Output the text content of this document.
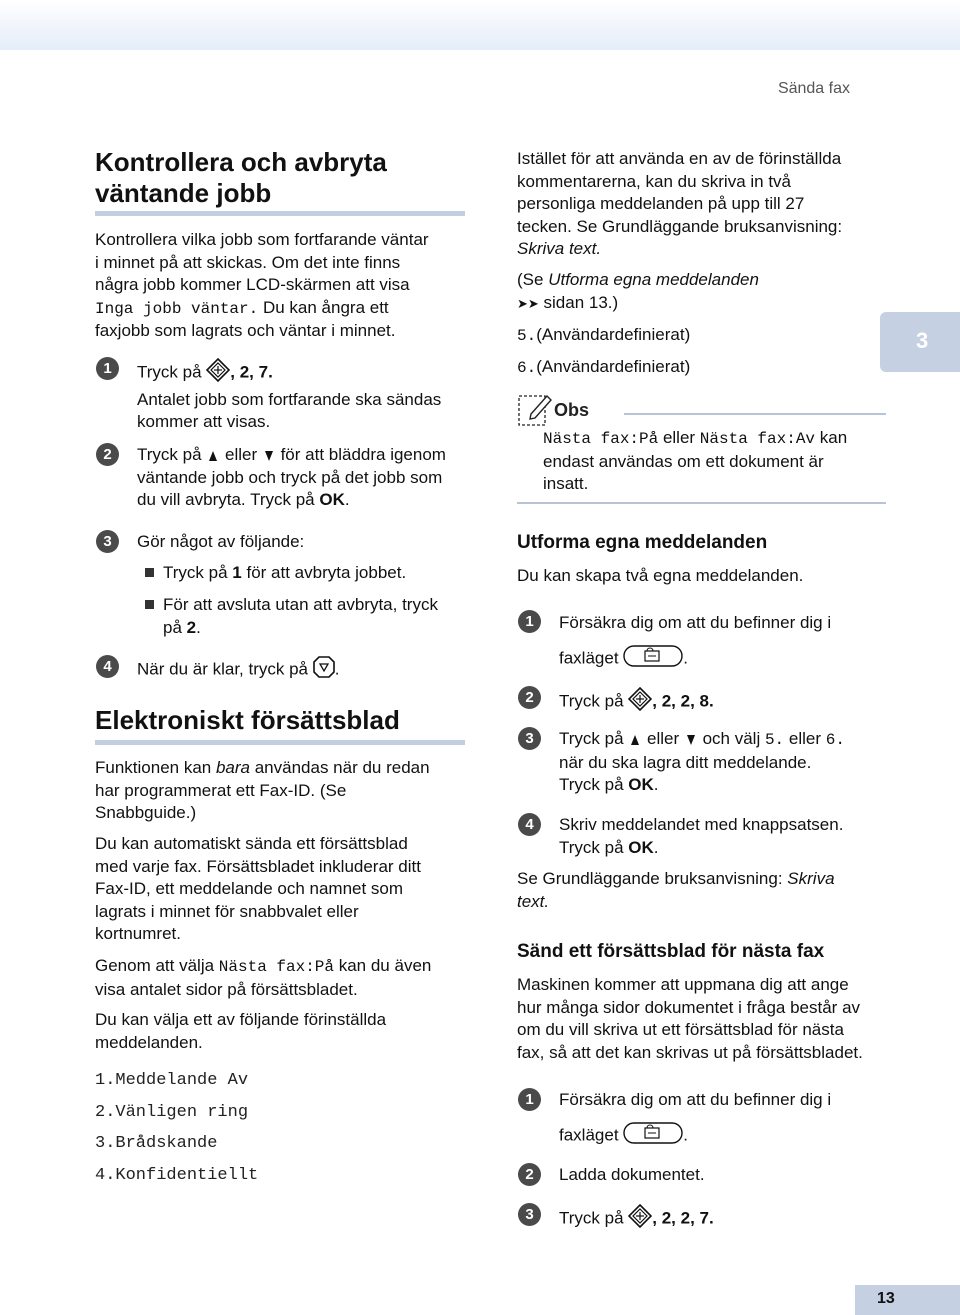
Sända fax
3
Kontrollera och avbryta
väntande jobb
Kontrollera vilka jobb som fortfarande väntar
i minnet på att skickas. Om det inte finns
några jobb kommer LCD-skärmen att visa
Inga jobb väntar. Du kan ångra ett
faxjobb som lagrats och väntar i minnet.
1	Tryck på , 2, 7.
Antalet jobb som fortfarande ska sändas
kommer att visas.
2	Tryck på  eller  för att bläddra igenom
väntande jobb och tryck på det jobb som
du vill avbryta. Tryck på OK.
3	Gör något av följande:
Tryck på 1 för att avbryta jobbet.
För att avsluta utan att avbryta, tryck
på 2.
4	När du är klar, tryck på .
Elektroniskt försättsblad
Funktionen kan bara användas när du redan
har programmerat ett Fax-ID. (Se
Snabbguide.)
Du kan automatiskt sända ett försättsblad
med varje fax. Försättsbladet inkluderar ditt
Fax-ID, ett meddelande och namnet som
lagrats i minnet för snabbvalet eller
kortnumret.
Genom att välja Nästa fax:På kan du även
visa antalet sidor på försättsbladet.
Du kan välja ett av följande förinställda
meddelanden.
1.Meddelande Av
2.Vänligen ring
3.Brådskande
4.Konfidentiellt
Istället för att använda en av de förinställda
kommentarerna, kan du skriva in två
personliga meddelanden på upp till 27
tecken. Se Grundläggande bruksanvisning:
Skriva text.
(Se Utforma egna meddelanden
➤➤ sidan 13.)
5.(Användardefinierat)
6.(Användardefinierat)
Obs
Nästa fax:På eller Nästa fax:Av kan
endast användas om ett dokument är
insatt.
Utforma egna meddelanden
Du kan skapa två egna meddelanden.
1	Försäkra dig om att du befinner dig i
faxläget	.
2	Tryck på , 2, 2, 8.
3	Tryck på  eller  och välj 5. eller 6.
när du ska lagra ditt meddelande.
Tryck på OK.
4	Skriv meddelandet med knappsatsen.
Tryck på OK.
Se Grundläggande bruksanvisning: Skriva
text.
Sänd ett försättsblad för nästa fax
Maskinen kommer att uppmana dig att ange
hur många sidor dokumentet i fråga består av
om du vill skriva ut ett försättsblad för nästa
fax, så att det kan skrivas ut på försättsbladet.
1	Försäkra dig om att du befinner dig i
faxläget	.
2	Ladda dokumentet.
3	Tryck på , 2, 2, 7.
13
